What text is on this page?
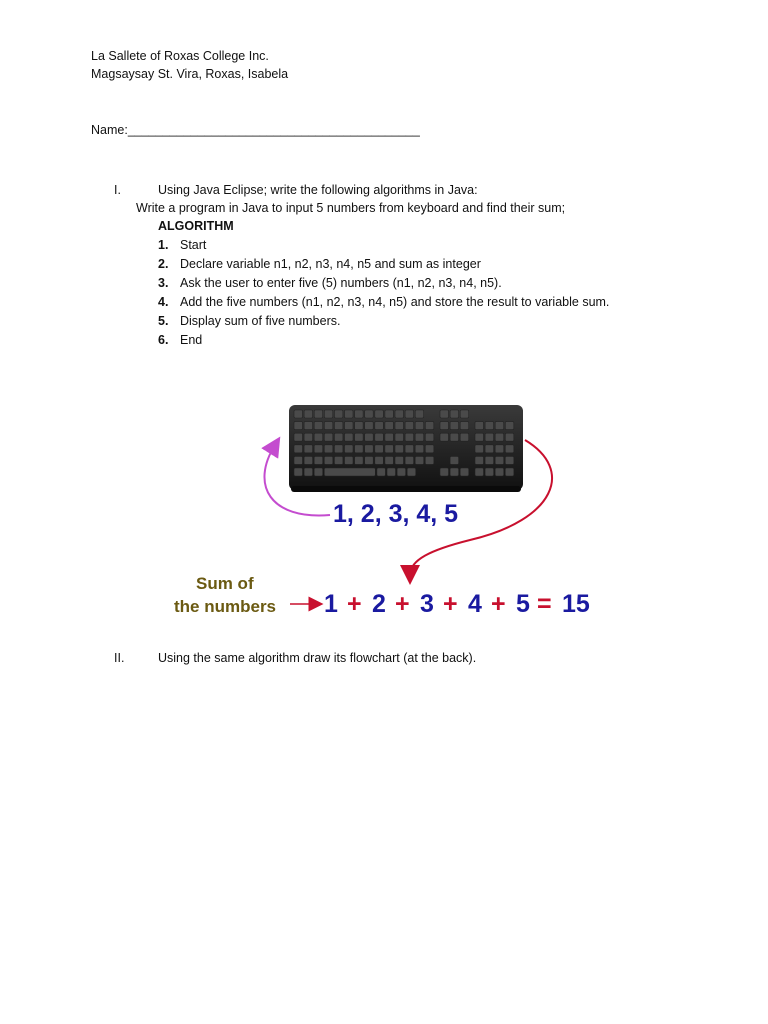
La Sallete of Roxas College Inc.
Magsaysay St. Vira, Roxas, Isabela
Name:__________________________________________
I.	Using Java Eclipse; write the following algorithms in Java:
Write a program in Java to input 5 numbers from keyboard and find their sum;
ALGORITHM
1. Start
2. Declare variable n1, n2, n3, n4, n5 and sum as integer
3. Ask the user to enter five (5) numbers (n1, n2, n3, n4, n5).
4. Add the five numbers (n1, n2, n3, n4, n5) and store the result to variable sum.
5. Display sum of five numbers.
6. End
1, 2, 3, 4, 5
Sum of
the numbers 1 + 2 + 3 + 4 + 5 = 15
II.	Using the same algorithm draw its flowchart (at the back).
